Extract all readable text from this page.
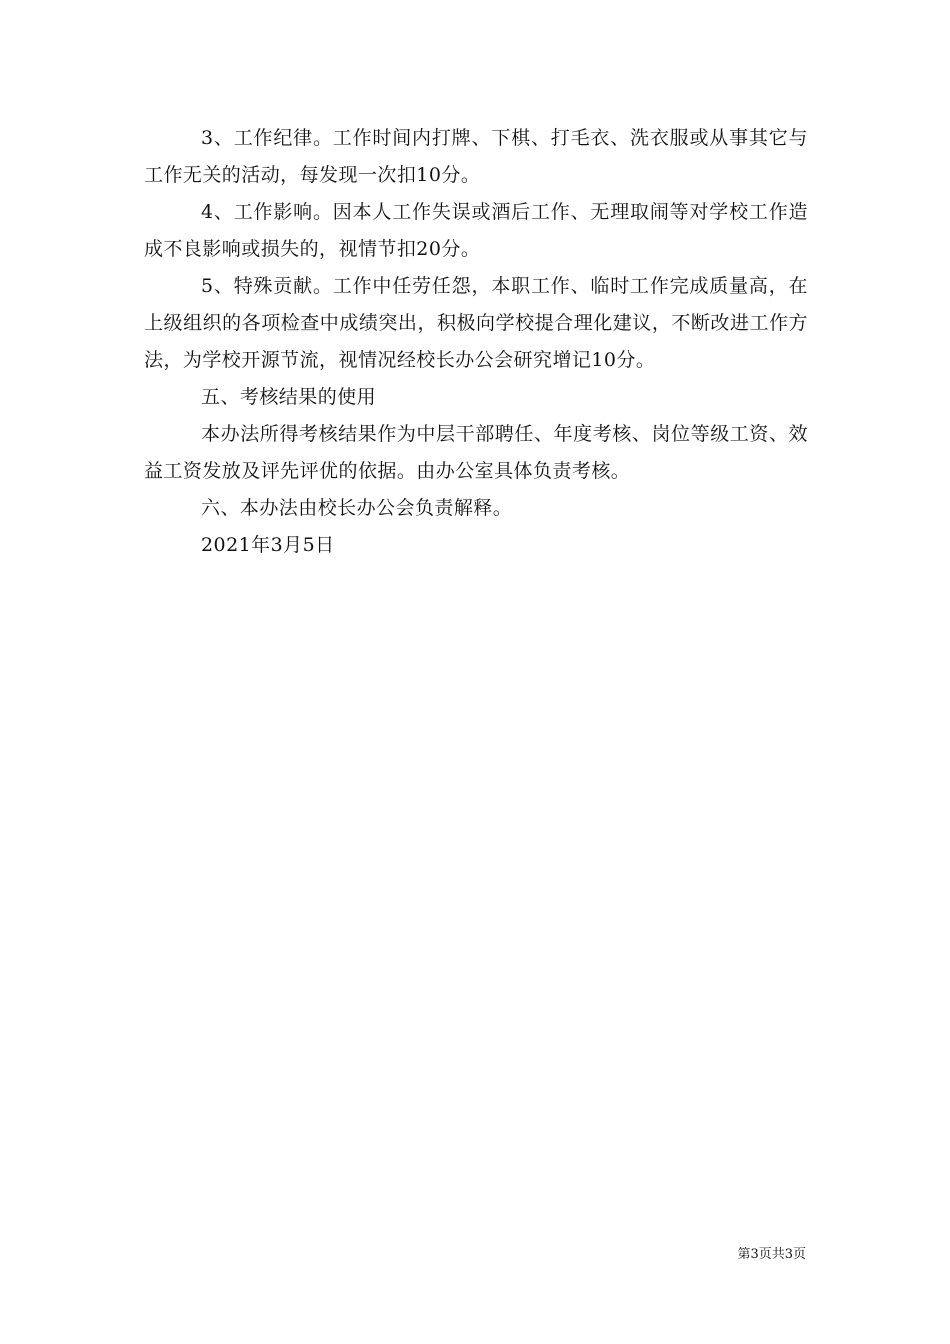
3、工作纪律。工作时间内打牌、下棋、打毛衣、洗衣服或从事其它与工作无关的活动，每发现一次扣10分。

4、工作影响。因本人工作失误或酒后工作、无理取闹等对学校工作造成不良影响或损失的，视情节扣20分。

5、特殊贡献。工作中任劳任怨，本职工作、临时工作完成质量高，在上级组织的各项检查中成绩突出，积极向学校提合理化建议，不断改进工作方法，为学校开源节流，视情况经校长办公会研究增记10分。

五、考核结果的使用

本办法所得考核结果作为中层干部聘任、年度考核、岗位等级工资、效益工资发放及评先评优的依据。由办公室具体负责考核。

六、本办法由校长办公会负责解释。

2021年3月5日

第3页共3页
